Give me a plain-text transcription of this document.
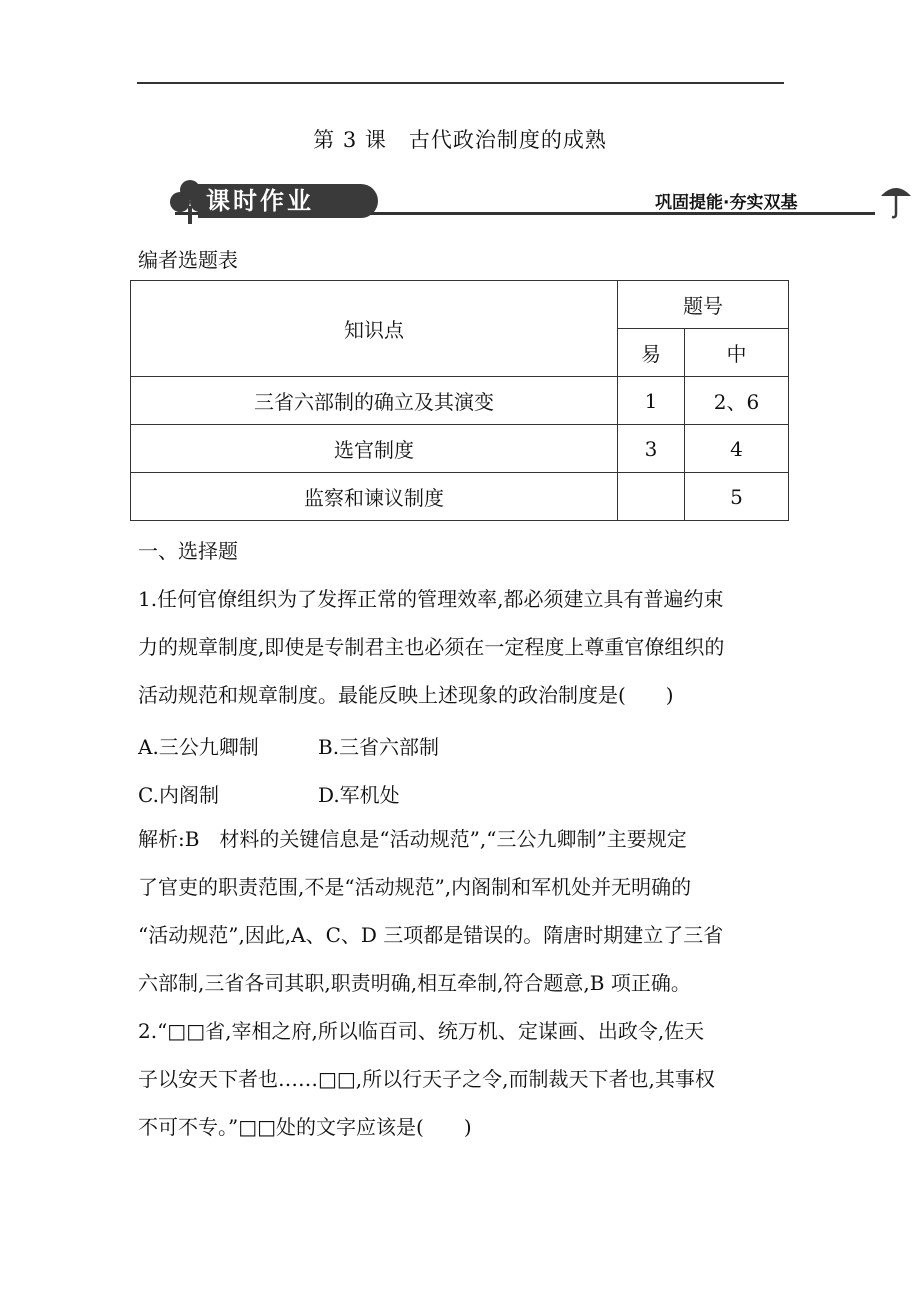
第 3 课　古代政治制度的成熟
课时作业	巩固提能·夯实双基
编者选题表
知识点	题号	
	易	中
三省六部制的确立及其演变	1	2、6
选官制度	3	4
监察和谏议制度		5
一、选择题
1.任何官僚组织为了发挥正常的管理效率,都必须建立具有普遍约束
力的规章制度,即使是专制君主也必须在一定程度上尊重官僚组织的
活动规范和规章制度。最能反映上述现象的政治制度是(　　)
A.三公九卿制	B.三省六部制
C.内阁制	D.军机处
解析:B　材料的关键信息是“活动规范”,“三公九卿制”主要规定
了官吏的职责范围,不是“活动规范”,内阁制和军机处并无明确的
“活动规范”,因此,A、C、D 三项都是错误的。隋唐时期建立了三省
六部制,三省各司其职,职责明确,相互牵制,符合题意,B 项正确。
2.“□□省,宰相之府,所以临百司、统万机、定谋画、出政令,佐天
子以安天下者也……□□,所以行天子之令,而制裁天下者也,其事权
不可不专。”□□处的文字应该是(　　)
